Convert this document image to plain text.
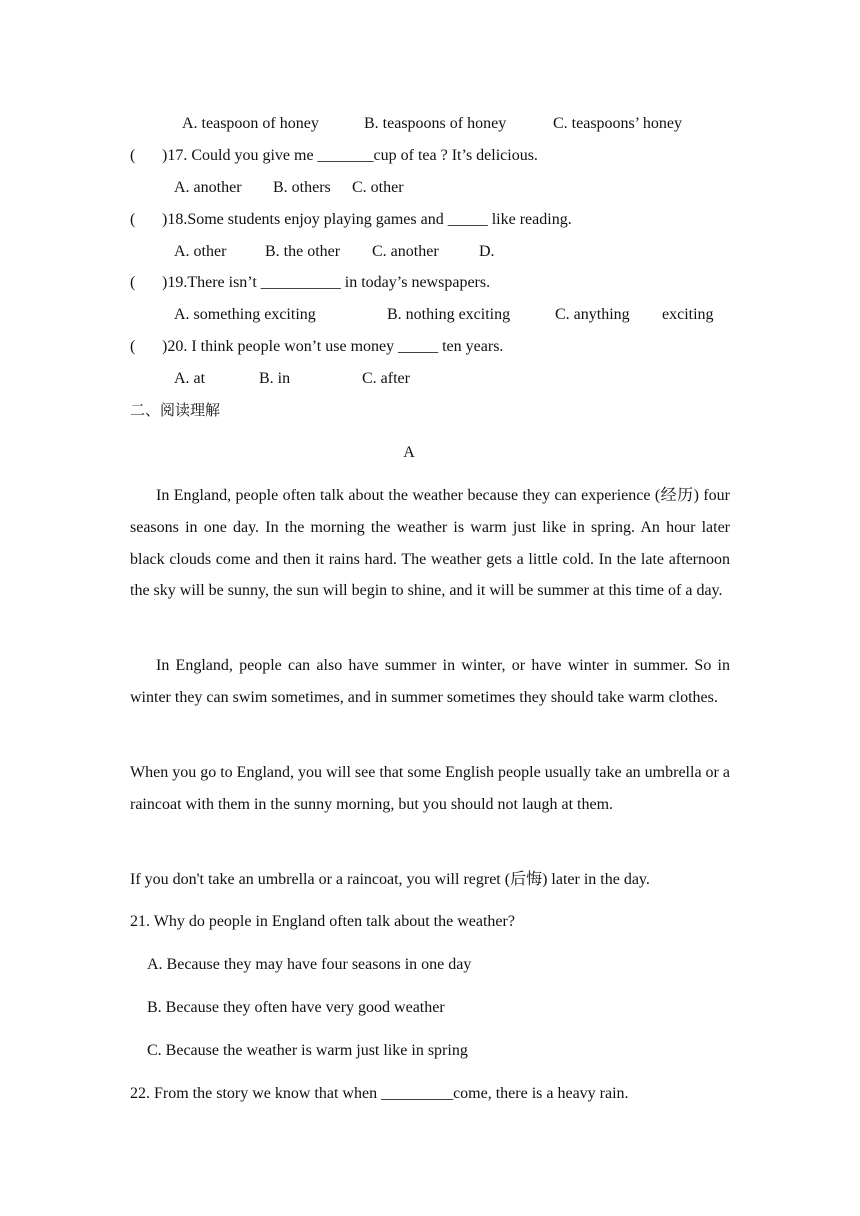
A. teaspoon of honey	B. teaspoons of honey	C. teaspoons’ honey
( )17. Could you give me _______cup of tea ? It’s delicious.
A. another B. others C. other
( )18.Some students enjoy playing games and _____ like reading.
A. other B. the other C. another	D.
( )19.There isn’t __________ in today’s newspapers.
A. something exciting	B. nothing exciting	C. anything exciting
( )20. I think people won’t use money _____ ten years.
A. at	B. in	C. after
二、阅读理解
A
In England, people often talk about the weather because they can experience (经历) four seasons in one day. In the morning the weather is warm just like in spring. An hour later black clouds come and then it rains hard. The weather gets a little cold. In the late afternoon the sky will be sunny, the sun will begin to shine, and it will be summer at this time of a day.
In England, people can also have summer in winter, or have winter in summer. So in winter they can swim sometimes, and in summer sometimes they should take warm clothes.
When you go to England, you will see that some English people usually take an umbrella or a raincoat with them in the sunny morning, but you should not laugh at them.
If you don't take an umbrella or a raincoat, you will regret (后悔) later in the day.
21. Why do people in England often talk about the weather?
A. Because they may have four seasons in one day
B. Because they often have very good weather
C. Because the weather is warm just like in spring
22. From the story we know that when _________come, there is a heavy rain.
